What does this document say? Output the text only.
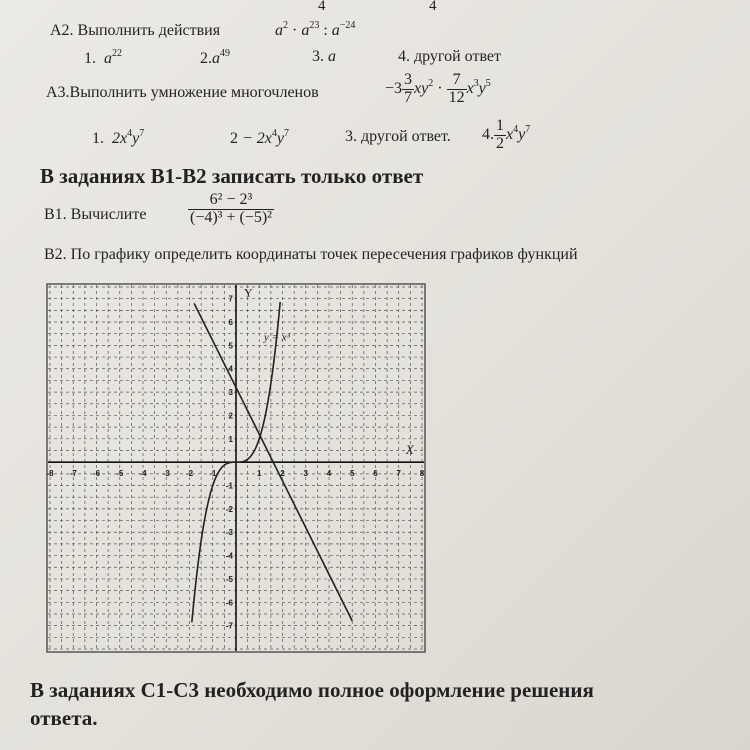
4	4
А2. Выполнить действия	$a^2 \cdot a^{23}$ : $a^{-24}$
1. $a^{22}$	$2.a^{49}$	3. a	4. другой ответ
А3.Выполнить умножение многочленов	$-3 \frac{3}{7} xy^2 \cdot \frac{7}{12} x^3y^5$
1. $2x^4y^7$	$2 - 2x^4y^7$	3. другой ответ. 4. $\frac{1}{2} x^4y^7$
В заданиях В1-В2 записать только ответ
В1. Вычислите	$\frac{\text{6² − 2³}}{\text{(−4)³ + (−5)²}}$
В2. По графику определить координаты точек пересечения графиков функций
X
Y
-8 -7 -6 -5 -4 -3 -2 -1	1 2 3 4 5 6 7 8
-7
-6
-5
-4
-3
-2
-1
1
2
3
4
5
6
7
y = x³
В заданиях С1-С3 необходимо полное оформление решения
ответа.
